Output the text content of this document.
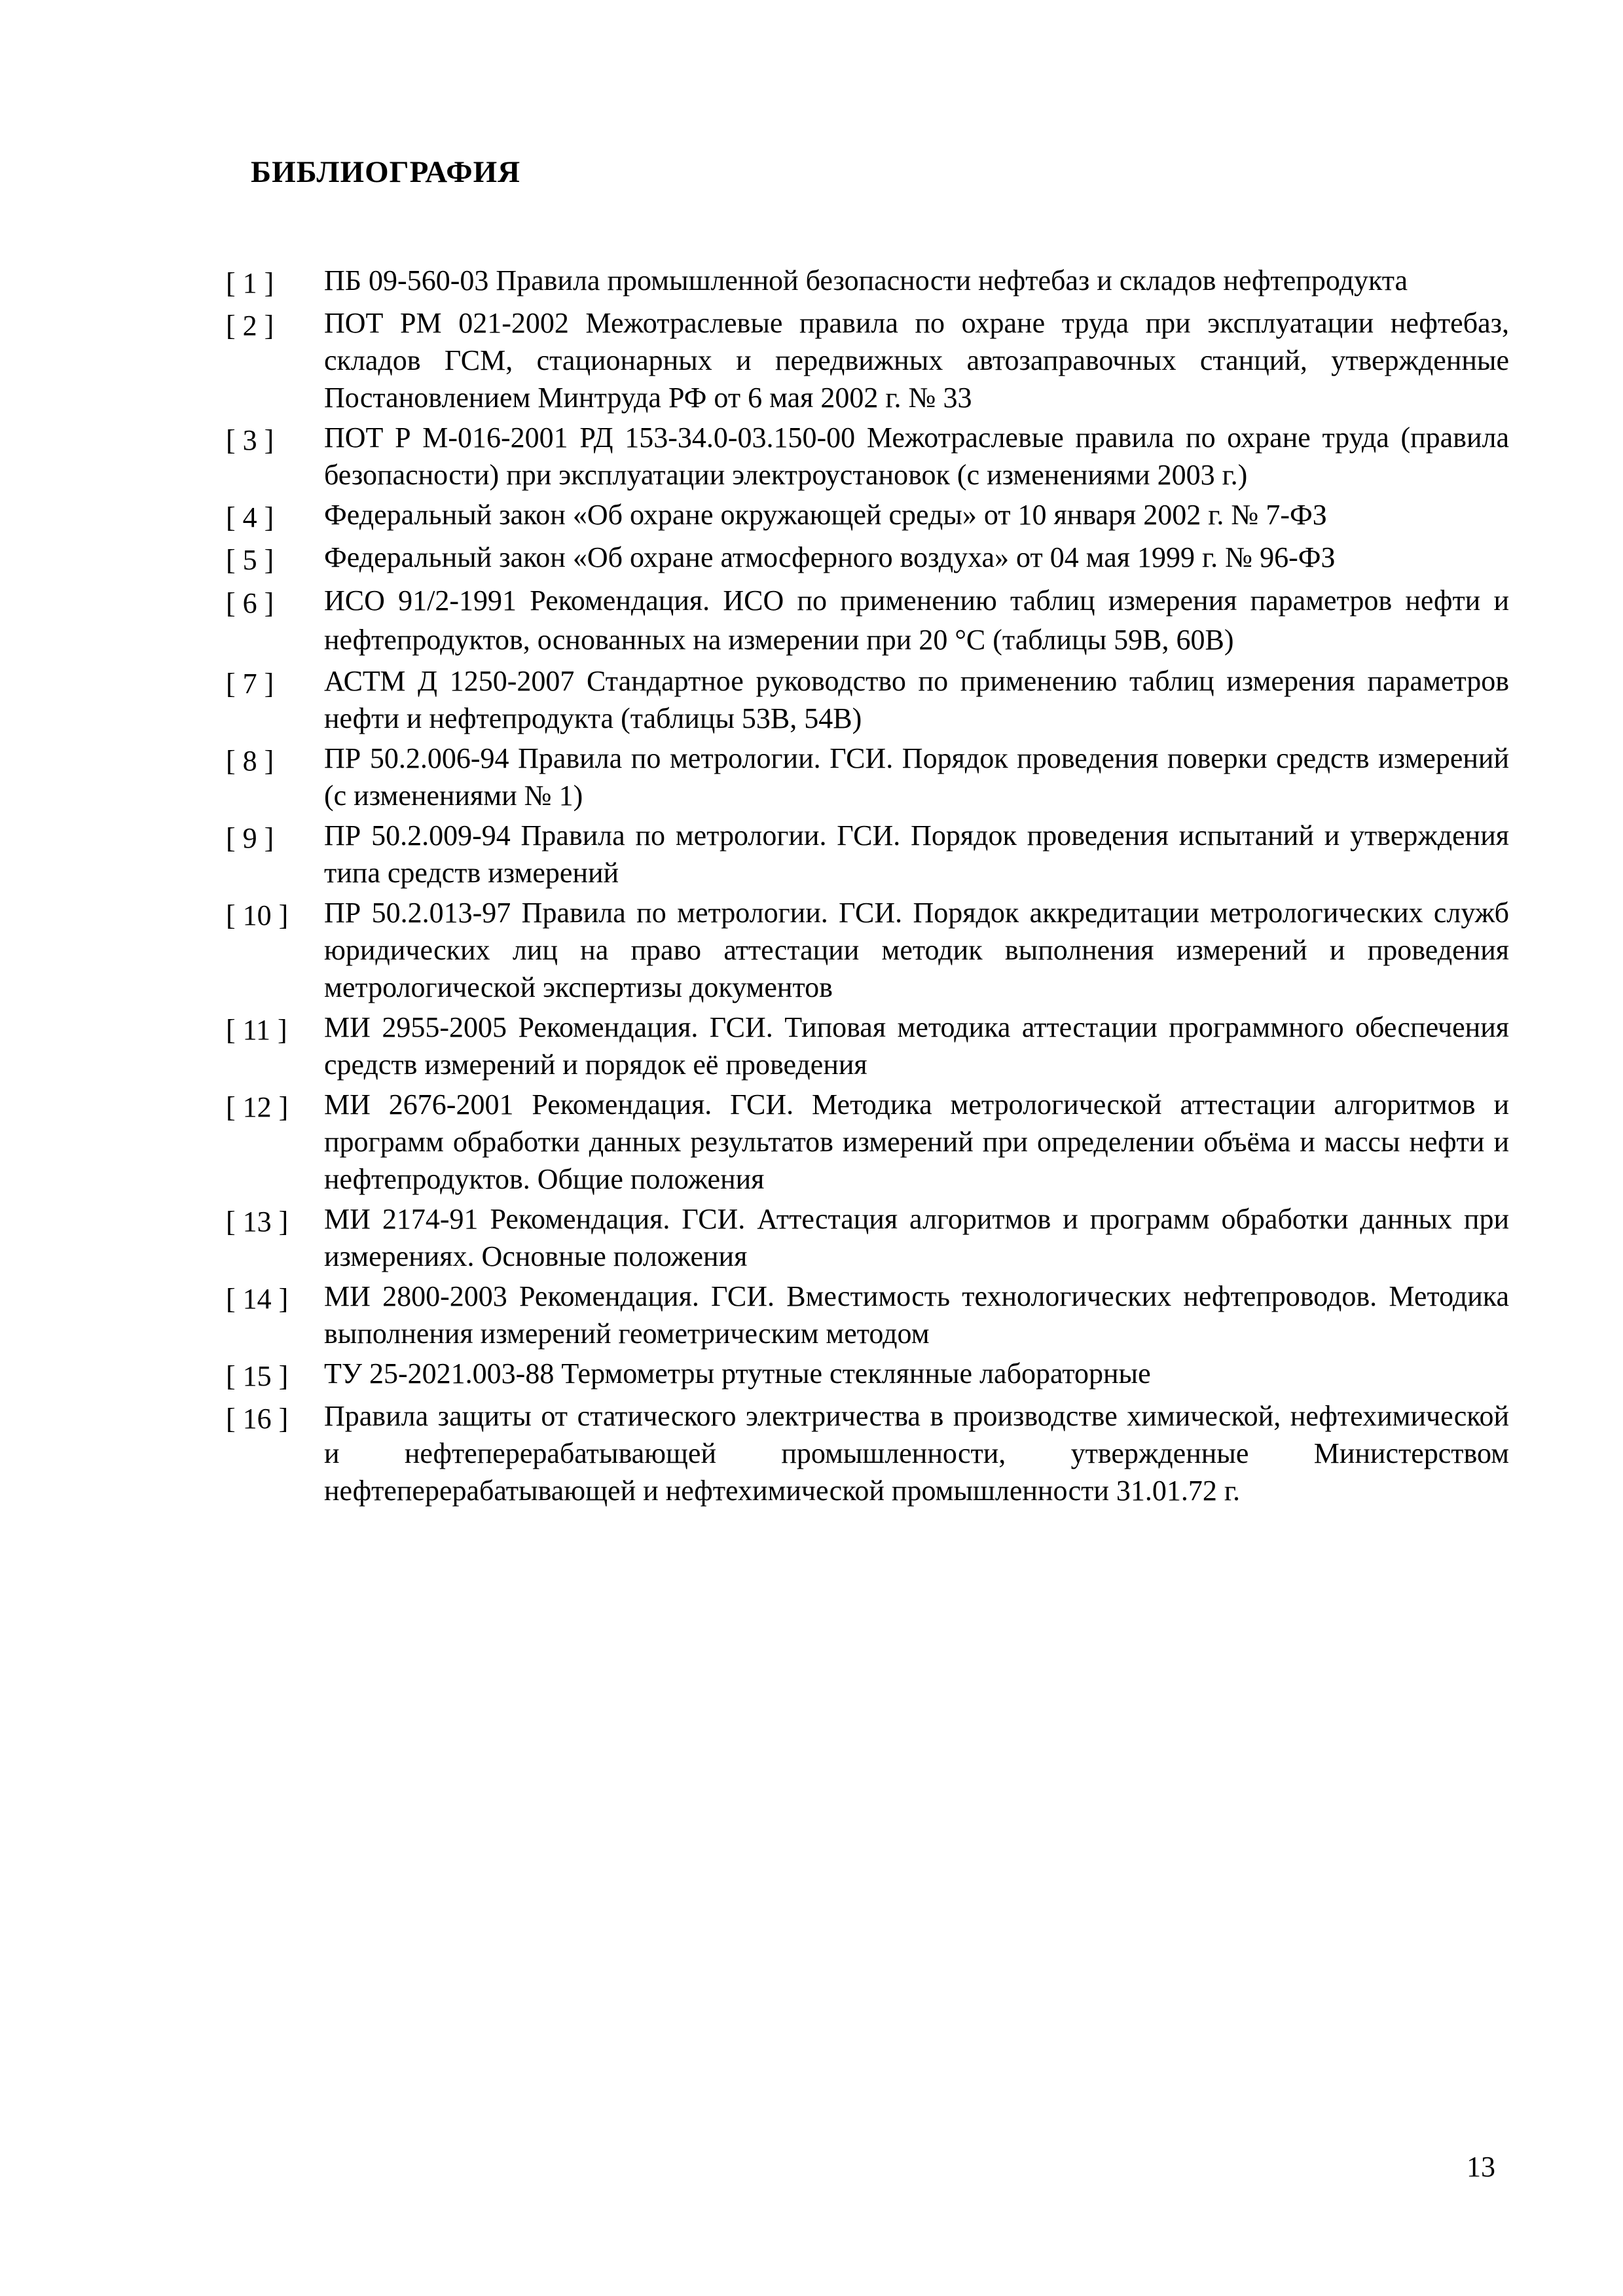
БИБЛИОГРАФИЯ
[ 1 ]	ПБ 09-560-03 Правила промышленной безопасности нефтебаз и складов нефтепродукта
[ 2 ]	ПОТ РМ 021-2002 Межотраслевые правила по охране труда при эксплуатации нефтебаз, складов ГСМ, стационарных и передвижных автозаправочных станций, утвержденные Постановлением Минтруда РФ от 6 мая 2002 г. № 33
[ 3 ]	ПОТ Р М-016-2001 РД 153-34.0-03.150-00 Межотраслевые правила по охране труда (правила безопасности) при эксплуатации электроустановок (с изменениями 2003 г.)
[ 4 ]	Федеральный закон «Об охране окружающей среды» от 10 января 2002 г. № 7-ФЗ
[ 5 ]	Федеральный закон «Об охране атмосферного воздуха» от 04 мая 1999 г. № 96-ФЗ
[ 6 ]	ИСО 91/2-1991 Рекомендация. ИСО по применению таблиц измерения параметров нефти и нефтепродуктов, основанных на измерении при 20 °С (таблицы 59В, 60В)
[ 7 ]	АСТМ Д 1250-2007 Стандартное руководство по применению таблиц измерения параметров нефти и нефтепродукта (таблицы 53В, 54В)
[ 8 ]	ПР 50.2.006-94 Правила по метрологии. ГСИ. Порядок проведения поверки средств измерений (с изменениями № 1)
[ 9 ]	ПР 50.2.009-94 Правила по метрологии. ГСИ. Порядок проведения испытаний и утверждения типа средств измерений
[ 10 ]	ПР 50.2.013-97 Правила по метрологии. ГСИ. Порядок аккредитации метрологических служб юридических лиц на право аттестации методик выполнения измерений и проведения метрологической экспертизы документов
[ 11 ]	МИ 2955-2005 Рекомендация. ГСИ. Типовая методика аттестации программного обеспечения средств измерений и порядок её проведения
[ 12 ]	МИ 2676-2001 Рекомендация. ГСИ. Методика метрологической аттестации алгоритмов и программ обработки данных результатов измерений при определении объёма и массы нефти и нефтепродуктов. Общие положения
[ 13 ]	МИ 2174-91 Рекомендация. ГСИ. Аттестация алгоритмов и программ обработки данных при измерениях. Основные положения
[ 14 ]	МИ 2800-2003 Рекомендация. ГСИ. Вместимость технологических нефтепроводов. Методика выполнения измерений геометрическим методом
[ 15 ]	ТУ 25-2021.003-88 Термометры ртутные стеклянные лабораторные
[ 16 ]	Правила защиты от статического электричества в производстве химической, нефтехимической и нефтеперерабатывающей промышленности, утвержденные Министерством нефтеперерабатывающей и нефтехимической промышленности 31.01.72 г.
13
